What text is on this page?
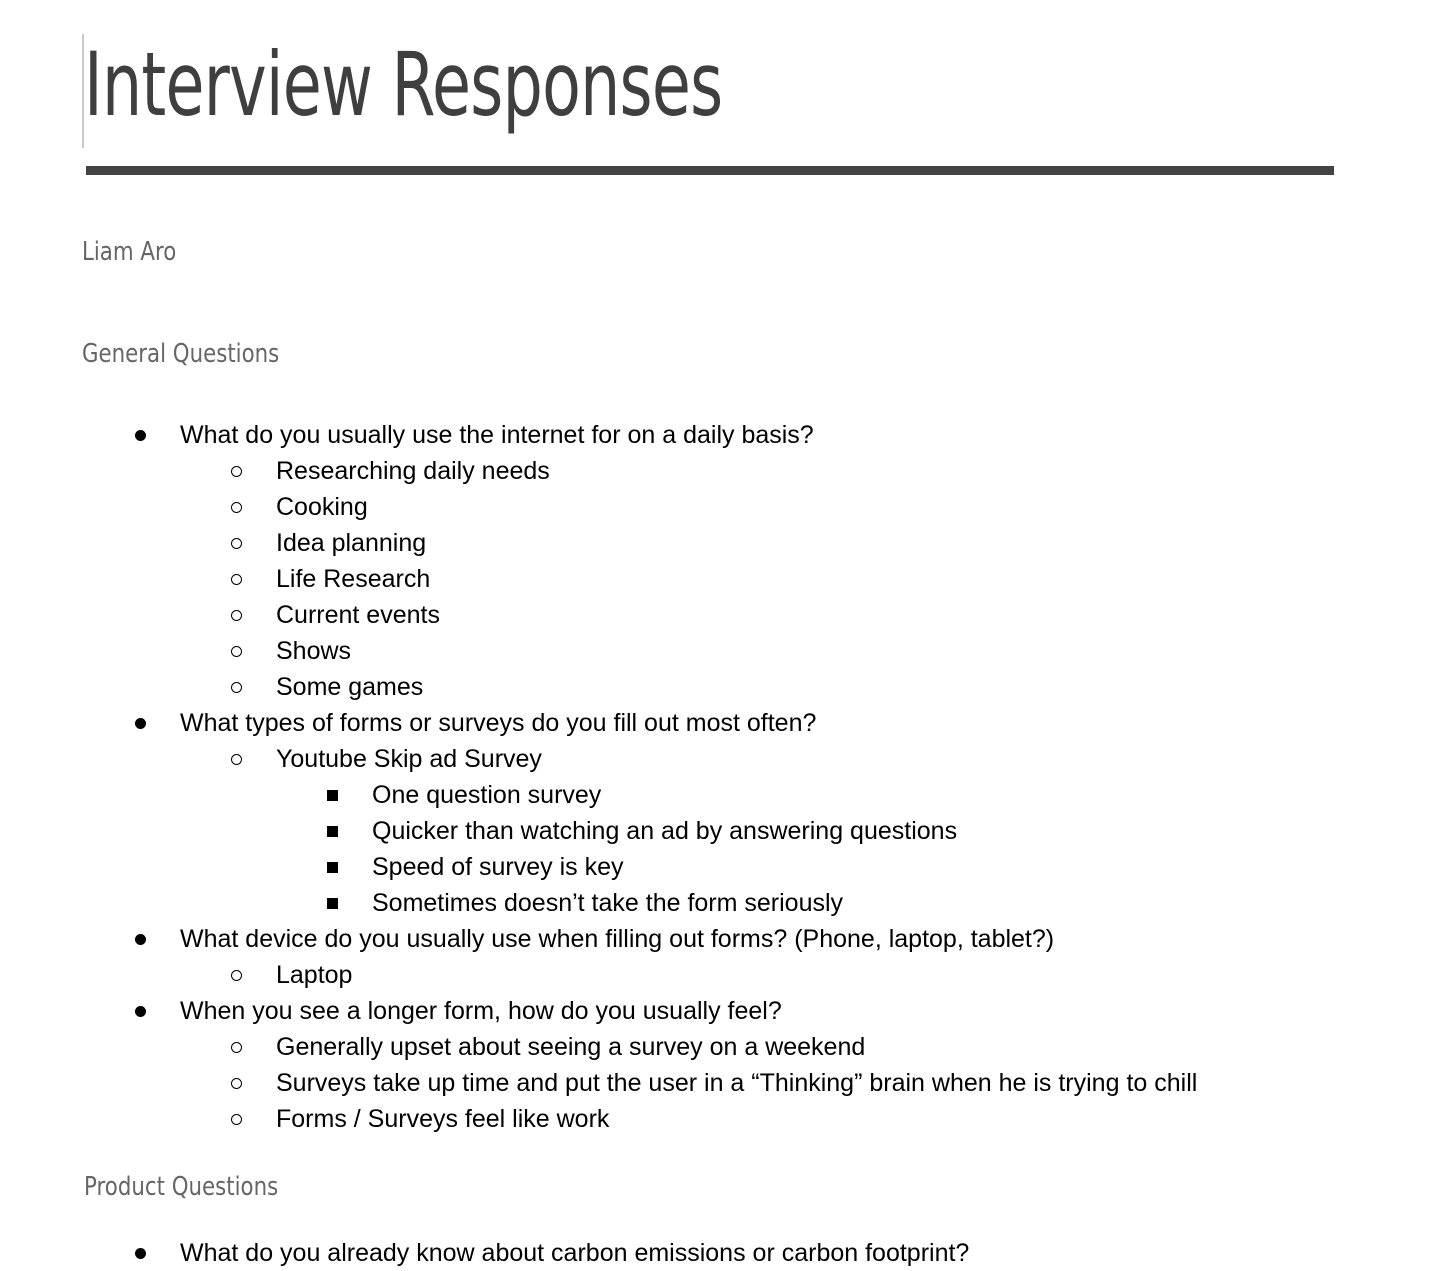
Interview Responses
Liam Aro
General Questions
What do you usually use the internet for on a daily basis?
Researching daily needs
Cooking
Idea planning
Life Research
Current events
Shows
Some games
What types of forms or surveys do you fill out most often?
Youtube Skip ad Survey
One question survey
Quicker than watching an ad by answering questions
Speed of survey is key
Sometimes doesn’t take the form seriously
What device do you usually use when filling out forms? (Phone, laptop, tablet?)
Laptop
When you see a longer form, how do you usually feel?
Generally upset about seeing a survey on a weekend
Surveys take up time and put the user in a “Thinking” brain when he is trying to chill
Forms / Surveys feel like work
Product Questions
What do you already know about carbon emissions or carbon footprint?
